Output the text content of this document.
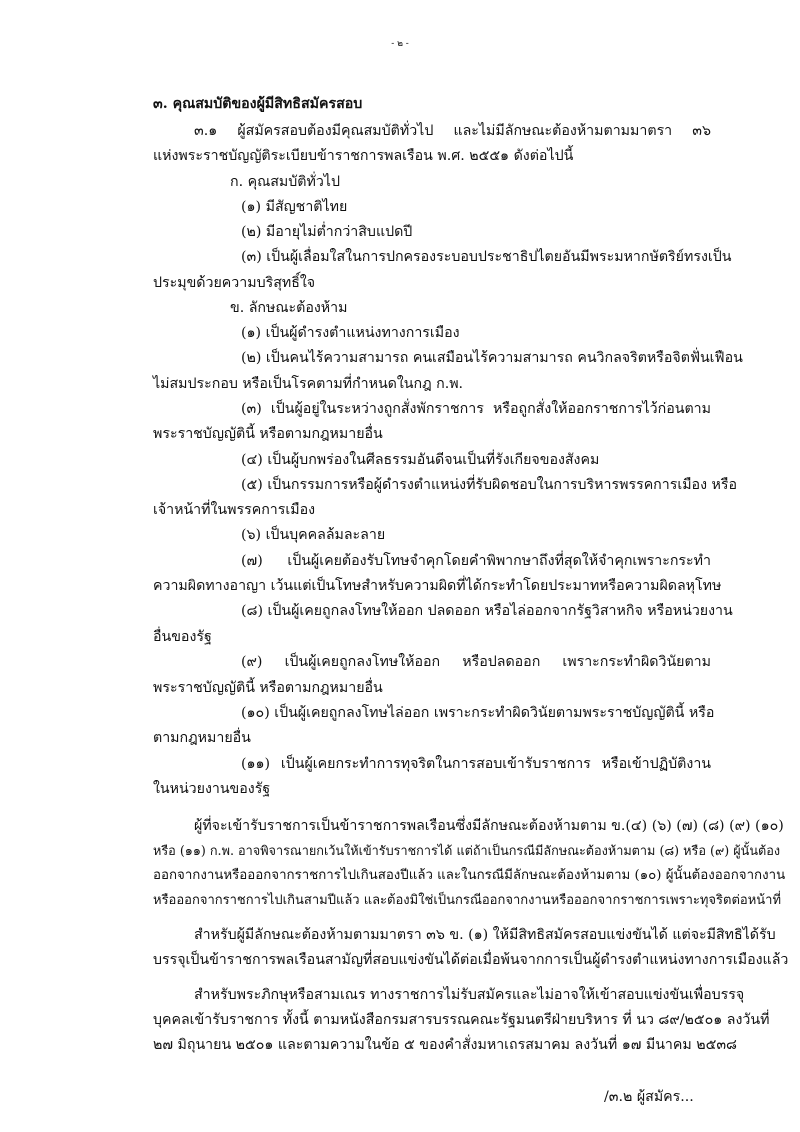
- ๒ -
๓. คุณสมบัติของผู้มีสิทธิสมัครสอบ
๓.๑ ผู้สมัครสอบต้องมีคุณสมบัติทั่วไป และไม่มีลักษณะต้องห้ามตามมาตรา ๓๖
แห่งพระราชบัญญัติระเบียบข้าราชการพลเรือน พ.ศ. ๒๕๕๑ ดังต่อไปนี้
ก. คุณสมบัติทั่วไป
(๑) มีสัญชาติไทย
(๒) มีอายุไม่ต่ำกว่าสิบแปดปี
(๓) เป็นผู้เลื่อมใสในการปกครองระบอบประชาธิปไตยอันมีพระมหากษัตริย์ทรงเป็น
ประมุขด้วยความบริสุทธิ์ใจ
ข. ลักษณะต้องห้าม
(๑) เป็นผู้ดำรงตำแหน่งทางการเมือง
(๒) เป็นคนไร้ความสามารถ คนเสมือนไร้ความสามารถ คนวิกลจริตหรือจิตฟั่นเฟือน
ไม่สมประกอบ หรือเป็นโรคตามที่กำหนดในกฎ ก.พ.
(๓) เป็นผู้อยู่ในระหว่างถูกสั่งพักราชการ หรือถูกสั่งให้ออกราชการไว้ก่อนตาม
พระราชบัญญัตินี้ หรือตามกฎหมายอื่น
(๔) เป็นผู้บกพร่องในศีลธรรมอันดีจนเป็นที่รังเกียจของสังคม
(๕) เป็นกรรมการหรือผู้ดำรงตำแหน่งที่รับผิดชอบในการบริหารพรรคการเมือง หรือ
เจ้าหน้าที่ในพรรคการเมือง
(๖) เป็นบุคคลล้มละลาย
(๗) เป็นผู้เคยต้องรับโทษจำคุกโดยคำพิพากษาถึงที่สุดให้จำคุกเพราะกระทำ
ความผิดทางอาญา เว้นแต่เป็นโทษสำหรับความผิดที่ได้กระทำโดยประมาทหรือความผิดลหุโทษ
(๘) เป็นผู้เคยถูกลงโทษให้ออก ปลดออก หรือไล่ออกจากรัฐวิสาหกิจ หรือหน่วยงาน
อื่นของรัฐ
(๙) เป็นผู้เคยถูกลงโทษให้ออก หรือปลดออก เพราะกระทำผิดวินัยตาม
พระราชบัญญัตินี้ หรือตามกฎหมายอื่น
(๑๐) เป็นผู้เคยถูกลงโทษไล่ออก เพราะกระทำผิดวินัยตามพระราชบัญญัตินี้ หรือ
ตามกฎหมายอื่น
(๑๑) เป็นผู้เคยกระทำการทุจริตในการสอบเข้ารับราชการ หรือเข้าปฏิบัติงาน
ในหน่วยงานของรัฐ
ผู้ที่จะเข้ารับราชการเป็นข้าราชการพลเรือนซึ่งมีลักษณะต้องห้ามตาม ข.(๔) (๖) (๗) (๘) (๙) (๑๐)
หรือ (๑๑) ก.พ. อาจพิจารณายกเว้นให้เข้ารับราชการได้ แต่ถ้าเป็นกรณีมีลักษณะต้องห้ามตาม (๘) หรือ (๙) ผู้นั้นต้อง
ออกจากงานหรือออกจากราชการไปเกินสองปีแล้ว และในกรณีมีลักษณะต้องห้ามตาม (๑๐) ผู้นั้นต้องออกจากงาน
หรือออกจากราชการไปเกินสามปีแล้ว และต้องมิใช่เป็นกรณีออกจากงานหรือออกจากราชการเพราะทุจริตต่อหน้าที่
สำหรับผู้มีลักษณะต้องห้ามตามมาตรา ๓๖ ข. (๑) ให้มีสิทธิสมัครสอบแข่งขันได้ แต่จะมีสิทธิได้รับ
บรรจุเป็นข้าราชการพลเรือนสามัญที่สอบแข่งขันได้ต่อเมื่อพ้นจากการเป็นผู้ดำรงตำแหน่งทางการเมืองแล้ว
สำหรับพระภิกษุหรือสามเณร ทางราชการไม่รับสมัครและไม่อาจให้เข้าสอบแข่งขันเพื่อบรรจุ
บุคคลเข้ารับราชการ ทั้งนี้ ตามหนังสือกรมสารบรรณคณะรัฐมนตรีฝ่ายบริหาร ที่ นว ๘๙/๒๕๐๑ ลงวันที่
๒๗ มิถุนายน ๒๕๐๑ และตามความในข้อ ๕ ของคำสั่งมหาเถรสมาคม ลงวันที่ ๑๗ มีนาคม ๒๕๓๘
/๓.๒ ผู้สมัคร...
